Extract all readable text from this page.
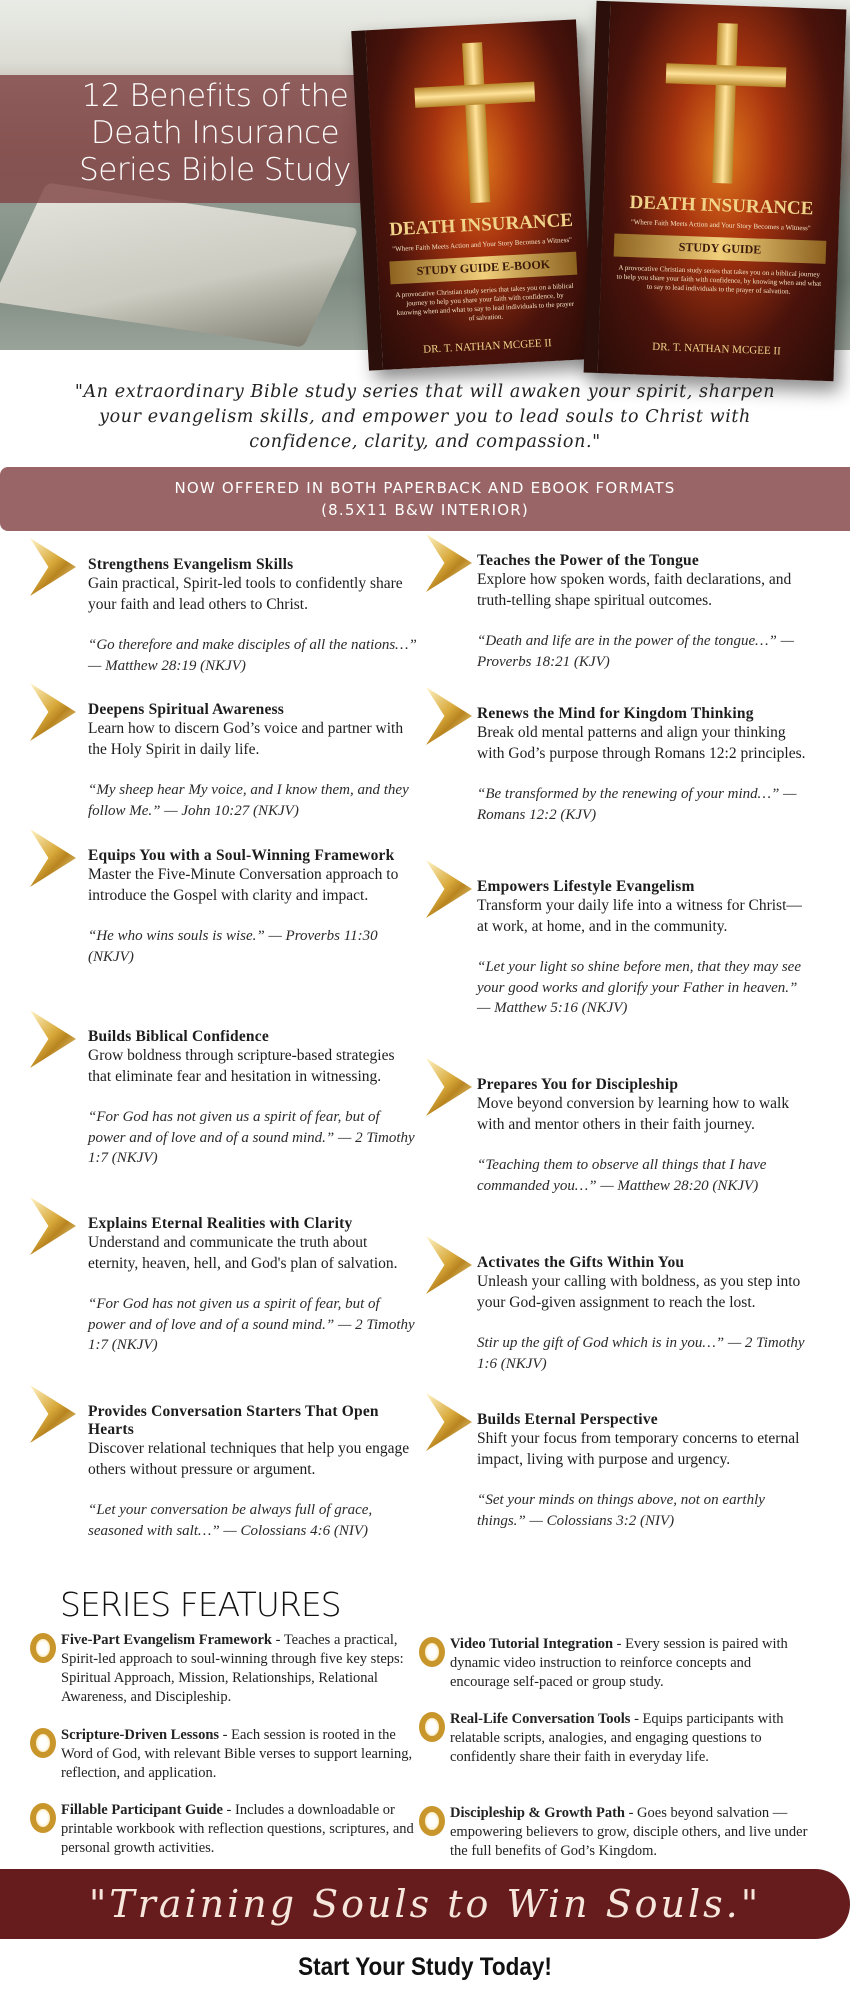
12 Benefits of the
Death Insurance
Series Bible Study
DEATH INSURANCE
"Where Faith Meets Action and Your Story Becomes a Witness"
STUDY GUIDE E-BOOK
A provocative Christian study series that takes you on a biblical journey to help you share your faith with confidence, by knowing when and what to say to lead individuals to the prayer of salvation.
DR. T. NATHAN MCGEE II
DEATH INSURANCE
"Where Faith Meets Action and Your Story Becomes a Witness"
STUDY GUIDE
A provocative Christian study series that takes you on a biblical journey to help you share your faith with confidence, by knowing when and what to say to lead individuals to the prayer of salvation.
DR. T. NATHAN MCGEE II
"An extraordinary Bible study series that will awaken your spirit, sharpen your evangelism skills, and empower you to lead souls to Christ with confidence, clarity, and compassion."
NOW OFFERED IN BOTH PAPERBACK AND EBOOK FORMATS
(8.5X11 B&W INTERIOR)
Strengthens Evangelism Skills
Gain practical, Spirit-led tools to confidently share your faith and lead others to Christ.
“Go therefore and make disciples of all the nations…” — Matthew 28:19 (NKJV)
Deepens Spiritual Awareness
Learn how to discern God’s voice and partner with the Holy Spirit in daily life.
“My sheep hear My voice, and I know them, and they follow Me.” — John 10:27 (NKJV)
Equips You with a Soul-Winning Framework
Master the Five-Minute Conversation approach to introduce the Gospel with clarity and impact.
“He who wins souls is wise.” — Proverbs 11:30 (NKJV)
Builds Biblical Confidence
Grow boldness through scripture-based strategies that eliminate fear and hesitation in witnessing.
“For God has not given us a spirit of fear, but of power and of love and of a sound mind.” — 2 Timothy 1:7 (NKJV)
Explains Eternal Realities with Clarity
Understand and communicate the truth about eternity, heaven, hell, and God's plan of salvation.
“For God has not given us a spirit of fear, but of power and of love and of a sound mind.” — 2 Timothy 1:7 (NKJV)
Provides Conversation Starters That Open Hearts
Discover relational techniques that help you engage others without pressure or argument.
“Let your conversation be always full of grace, seasoned with salt…” — Colossians 4:6 (NIV)
Teaches the Power of the Tongue
Explore how spoken words, faith declarations, and truth-telling shape spiritual outcomes.
“Death and life are in the power of the tongue…” — Proverbs 18:21 (KJV)
Renews the Mind for Kingdom Thinking
Break old mental patterns and align your thinking with God’s purpose through Romans 12:2 principles.
“Be transformed by the renewing of your mind…” — Romans 12:2 (KJV)
Empowers Lifestyle Evangelism
Transform your daily life into a witness for Christ—at work, at home, and in the community.
“Let your light so shine before men, that they may see your good works and glorify your Father in heaven.” — Matthew 5:16 (NKJV)
Prepares You for Discipleship
Move beyond conversion by learning how to walk with and mentor others in their faith journey.
“Teaching them to observe all things that I have commanded you…” — Matthew 28:20 (NKJV)
Activates the Gifts Within You
Unleash your calling with boldness, as you step into your God-given assignment to reach the lost.
Stir up the gift of God which is in you…” — 2 Timothy 1:6 (NKJV)
Builds Eternal Perspective
Shift your focus from temporary concerns to eternal impact, living with purpose and urgency.
“Set your minds on things above, not on earthly things.” — Colossians 3:2 (NIV)
SERIES FEATURES
Five-Part Evangelism Framework - Teaches a practical, Spirit-led approach to soul-winning through five key steps: Spiritual Approach, Mission, Relationships, Relational Awareness, and Discipleship.
Scripture-Driven Lessons - Each session is rooted in the Word of God, with relevant Bible verses to support learning, reflection, and application.
Fillable Participant Guide - Includes a downloadable or printable workbook with reflection questions, scriptures, and personal growth activities.
Video Tutorial Integration - Every session is paired with dynamic video instruction to reinforce concepts and encourage self-paced or group study.
Real-Life Conversation Tools - Equips participants with relatable scripts, analogies, and engaging questions to confidently share their faith in everyday life.
Discipleship & Growth Path - Goes beyond salvation —empowering believers to grow, disciple others, and live under the full benefits of God’s Kingdom.
"Training Souls to Win Souls."
Start Your Study Today!
